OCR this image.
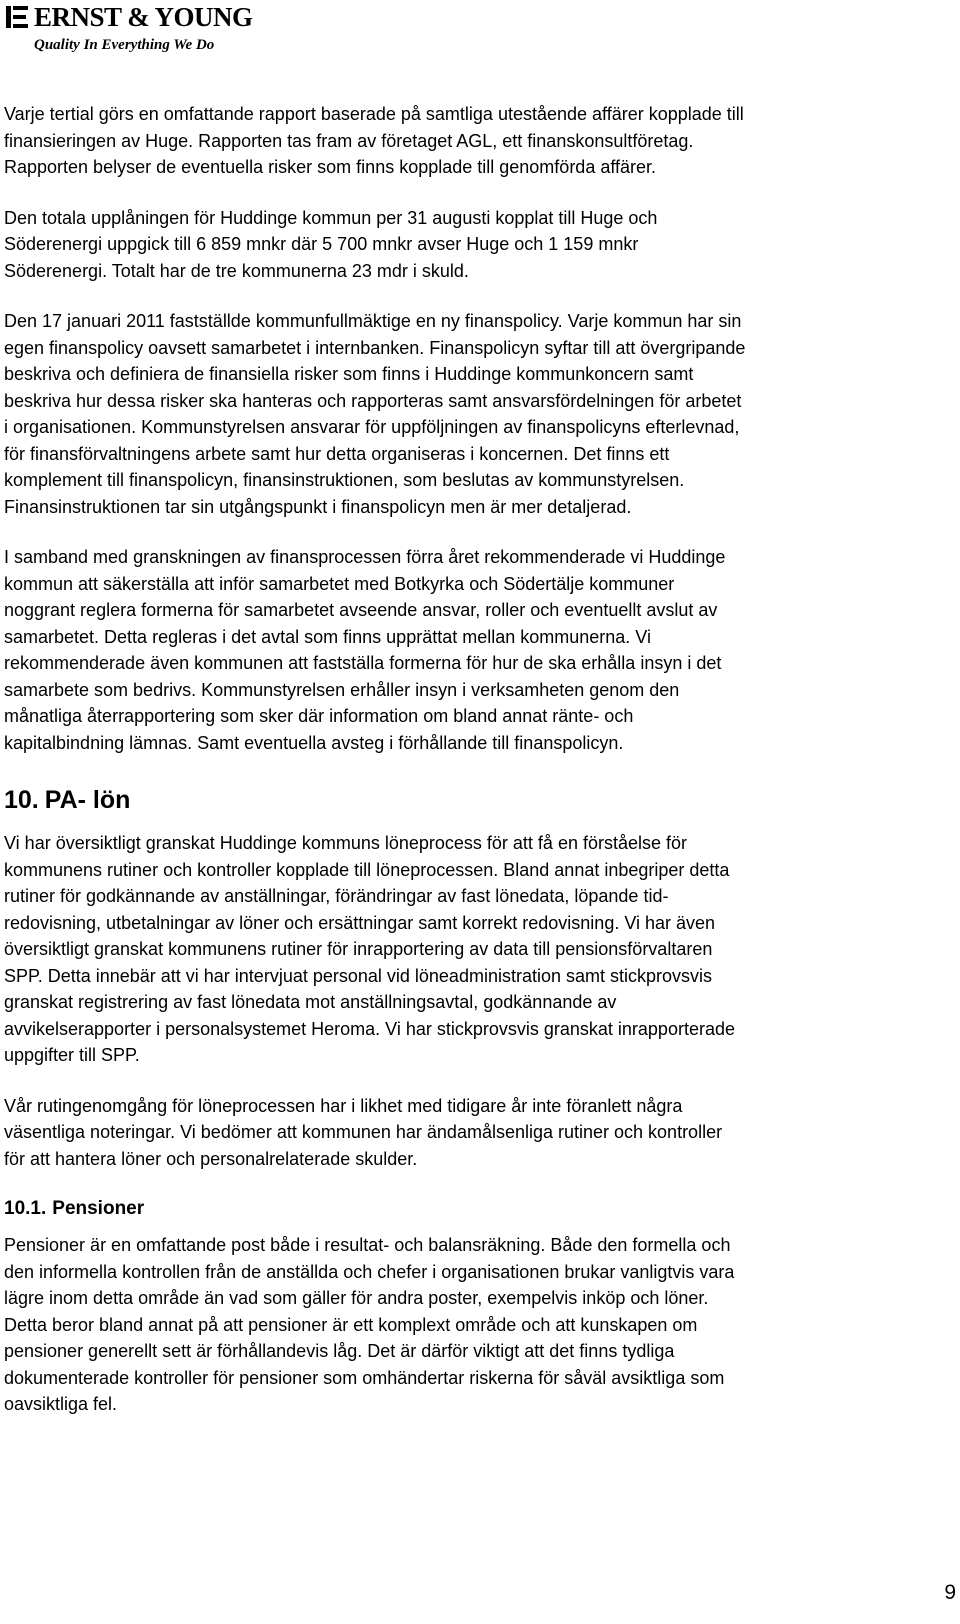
ERNST & YOUNG
Quality In Everything We Do

Varje tertial görs en omfattande rapport baserade på samtliga utestående affärer kopplade till
finansieringen av Huge. Rapporten tas fram av företaget AGL, ett finanskonsultföretag.
Rapporten belyser de eventuella risker som finns kopplade till genomförda affärer.

Den totala upplåningen för Huddinge kommun per 31 augusti kopplat till Huge och
Söderenergi uppgick till 6 859 mnkr där 5 700 mnkr avser Huge och 1 159 mnkr
Söderenergi. Totalt har de tre kommunerna 23 mdr i skuld.

Den 17 januari 2011 fastställde kommunfullmäktige en ny finanspolicy. Varje kommun har sin
egen finanspolicy oavsett samarbetet i internbanken. Finanspolicyn syftar till att övergripande
beskriva och definiera de finansiella risker som finns i Huddinge kommunkoncern samt
beskriva hur dessa risker ska hanteras och rapporteras samt ansvarsfördelningen för arbetet
i organisationen. Kommunstyrelsen ansvarar för uppföljningen av finanspolicyns efterlevnad,
för finansförvaltningens arbete samt hur detta organiseras i koncernen. Det finns ett
komplement till finanspolicyn, finansinstruktionen, som beslutas av kommunstyrelsen.
Finansinstruktionen tar sin utgångspunkt i finanspolicyn men är mer detaljerad.

I samband med granskningen av finansprocessen förra året rekommenderade vi Huddinge
kommun att säkerställa att inför samarbetet med Botkyrka och Södertälje kommuner
noggrant reglera formerna för samarbetet avseende ansvar, roller och eventuellt avslut av
samarbetet. Detta regleras i det avtal som finns upprättat mellan kommunerna. Vi
rekommenderade även kommunen att fastställa formerna för hur de ska erhålla insyn i det
samarbete som bedrivs. Kommunstyrelsen erhåller insyn i verksamheten genom den
månatliga återrapportering som sker där information om bland annat ränte- och
kapitalbindning lämnas. Samt eventuella avsteg i förhållande till finanspolicyn.

10. PA- lön

Vi har översiktligt granskat Huddinge kommuns löneprocess för att få en förståelse för
kommunens rutiner och kontroller kopplade till löneprocessen. Bland annat inbegriper detta
rutiner för godkännande av anställningar, förändringar av fast lönedata, löpande tid-
redovisning, utbetalningar av löner och ersättningar samt korrekt redovisning. Vi har även
översiktligt granskat kommunens rutiner för inrapportering av data till pensionsförvaltaren
SPP. Detta innebär att vi har intervjuat personal vid löneadministration samt stickprovsvis
granskat registrering av fast lönedata mot anställningsavtal, godkännande av
avvikelserapporter i personalsystemet Heroma. Vi har stickprovsvis granskat inrapporterade
uppgifter till SPP.

Vår rutingenomgång för löneprocessen har i likhet med tidigare år inte föranlett några
väsentliga noteringar. Vi bedömer att kommunen har ändamålsenliga rutiner och kontroller
för att hantera löner och personalrelaterade skulder.

10.1. Pensioner

Pensioner är en omfattande post både i resultat- och balansräkning. Både den formella och
den informella kontrollen från de anställda och chefer i organisationen brukar vanligtvis vara
lägre inom detta område än vad som gäller för andra poster, exempelvis inköp och löner.
Detta beror bland annat på att pensioner är ett komplext område och att kunskapen om
pensioner generellt sett är förhållandevis låg. Det är därför viktigt att det finns tydliga
dokumenterade kontroller för pensioner som omhändertar riskerna för såväl avsiktliga som
oavsiktliga fel.

9
